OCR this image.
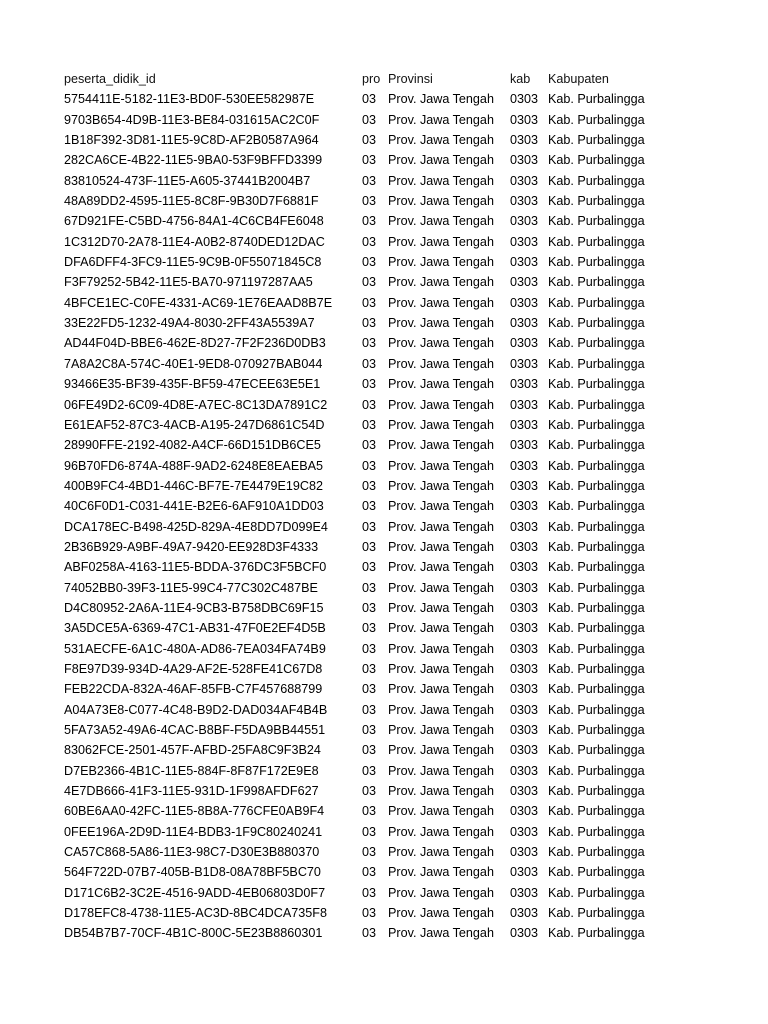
peserta_didik_id	pro	Provinsi	kab	Kabupaten
5754411E-5182-11E3-BD0F-530EE582987E	03	Prov. Jawa Tengah	0303	Kab. Purbalingga
9703B654-4D9B-11E3-BE84-031615AC2C0F	03	Prov. Jawa Tengah	0303	Kab. Purbalingga
1B18F392-3D81-11E5-9C8D-AF2B0587A964	03	Prov. Jawa Tengah	0303	Kab. Purbalingga
282CA6CE-4B22-11E5-9BA0-53F9BFFD3399	03	Prov. Jawa Tengah	0303	Kab. Purbalingga
83810524-473F-11E5-A605-37441B2004B7	03	Prov. Jawa Tengah	0303	Kab. Purbalingga
48A89DD2-4595-11E5-8C8F-9B30D7F6881F	03	Prov. Jawa Tengah	0303	Kab. Purbalingga
67D921FE-C5BD-4756-84A1-4C6CB4FE6048	03	Prov. Jawa Tengah	0303	Kab. Purbalingga
1C312D70-2A78-11E4-A0B2-8740DED12DAC	03	Prov. Jawa Tengah	0303	Kab. Purbalingga
DFA6DFF4-3FC9-11E5-9C9B-0F55071845C8	03	Prov. Jawa Tengah	0303	Kab. Purbalingga
F3F79252-5B42-11E5-BA70-971197287AA5	03	Prov. Jawa Tengah	0303	Kab. Purbalingga
4BFCE1EC-C0FE-4331-AC69-1E76EAAD8B7E	03	Prov. Jawa Tengah	0303	Kab. Purbalingga
33E22FD5-1232-49A4-8030-2FF43A5539A7	03	Prov. Jawa Tengah	0303	Kab. Purbalingga
AD44F04D-BBE6-462E-8D27-7F2F236D0DB3	03	Prov. Jawa Tengah	0303	Kab. Purbalingga
7A8A2C8A-574C-40E1-9ED8-070927BAB044	03	Prov. Jawa Tengah	0303	Kab. Purbalingga
93466E35-BF39-435F-BF59-47ECEE63E5E1	03	Prov. Jawa Tengah	0303	Kab. Purbalingga
06FE49D2-6C09-4D8E-A7EC-8C13DA7891C2	03	Prov. Jawa Tengah	0303	Kab. Purbalingga
E61EAF52-87C3-4ACB-A195-247D6861C54D	03	Prov. Jawa Tengah	0303	Kab. Purbalingga
28990FFE-2192-4082-A4CF-66D151DB6CE5	03	Prov. Jawa Tengah	0303	Kab. Purbalingga
96B70FD6-874A-488F-9AD2-6248E8EAEBA5	03	Prov. Jawa Tengah	0303	Kab. Purbalingga
400B9FC4-4BD1-446C-BF7E-7E4479E19C82	03	Prov. Jawa Tengah	0303	Kab. Purbalingga
40C6F0D1-C031-441E-B2E6-6AF910A1DD03	03	Prov. Jawa Tengah	0303	Kab. Purbalingga
DCA178EC-B498-425D-829A-4E8DD7D099E4	03	Prov. Jawa Tengah	0303	Kab. Purbalingga
2B36B929-A9BF-49A7-9420-EE928D3F4333	03	Prov. Jawa Tengah	0303	Kab. Purbalingga
ABF0258A-4163-11E5-BDDA-376DC3F5BCF0	03	Prov. Jawa Tengah	0303	Kab. Purbalingga
74052BB0-39F3-11E5-99C4-77C302C487BE	03	Prov. Jawa Tengah	0303	Kab. Purbalingga
D4C80952-2A6A-11E4-9CB3-B758DBC69F15	03	Prov. Jawa Tengah	0303	Kab. Purbalingga
3A5DCE5A-6369-47C1-AB31-47F0E2EF4D5B	03	Prov. Jawa Tengah	0303	Kab. Purbalingga
531AECFE-6A1C-480A-AD86-7EA034FA74B9	03	Prov. Jawa Tengah	0303	Kab. Purbalingga
F8E97D39-934D-4A29-AF2E-528FE41C67D8	03	Prov. Jawa Tengah	0303	Kab. Purbalingga
FEB22CDA-832A-46AF-85FB-C7F457688799	03	Prov. Jawa Tengah	0303	Kab. Purbalingga
A04A73E8-C077-4C48-B9D2-DAD034AF4B4B	03	Prov. Jawa Tengah	0303	Kab. Purbalingga
5FA73A52-49A6-4CAC-B8BF-F5DA9BB44551	03	Prov. Jawa Tengah	0303	Kab. Purbalingga
83062FCE-2501-457F-AFBD-25FA8C9F3B24	03	Prov. Jawa Tengah	0303	Kab. Purbalingga
D7EB2366-4B1C-11E5-884F-8F87F172E9E8	03	Prov. Jawa Tengah	0303	Kab. Purbalingga
4E7DB666-41F3-11E5-931D-1F998AFDF627	03	Prov. Jawa Tengah	0303	Kab. Purbalingga
60BE6AA0-42FC-11E5-8B8A-776CFE0AB9F4	03	Prov. Jawa Tengah	0303	Kab. Purbalingga
0FEE196A-2D9D-11E4-BDB3-1F9C80240241	03	Prov. Jawa Tengah	0303	Kab. Purbalingga
CA57C868-5A86-11E3-98C7-D30E3B880370	03	Prov. Jawa Tengah	0303	Kab. Purbalingga
564F722D-07B7-405B-B1D8-08A78BF5BC70	03	Prov. Jawa Tengah	0303	Kab. Purbalingga
D171C6B2-3C2E-4516-9ADD-4EB06803D0F7	03	Prov. Jawa Tengah	0303	Kab. Purbalingga
D178EFC8-4738-11E5-AC3D-8BC4DCA735F8	03	Prov. Jawa Tengah	0303	Kab. Purbalingga
DB54B7B7-70CF-4B1C-800C-5E23B8860301	03	Prov. Jawa Tengah	0303	Kab. Purbalingga
